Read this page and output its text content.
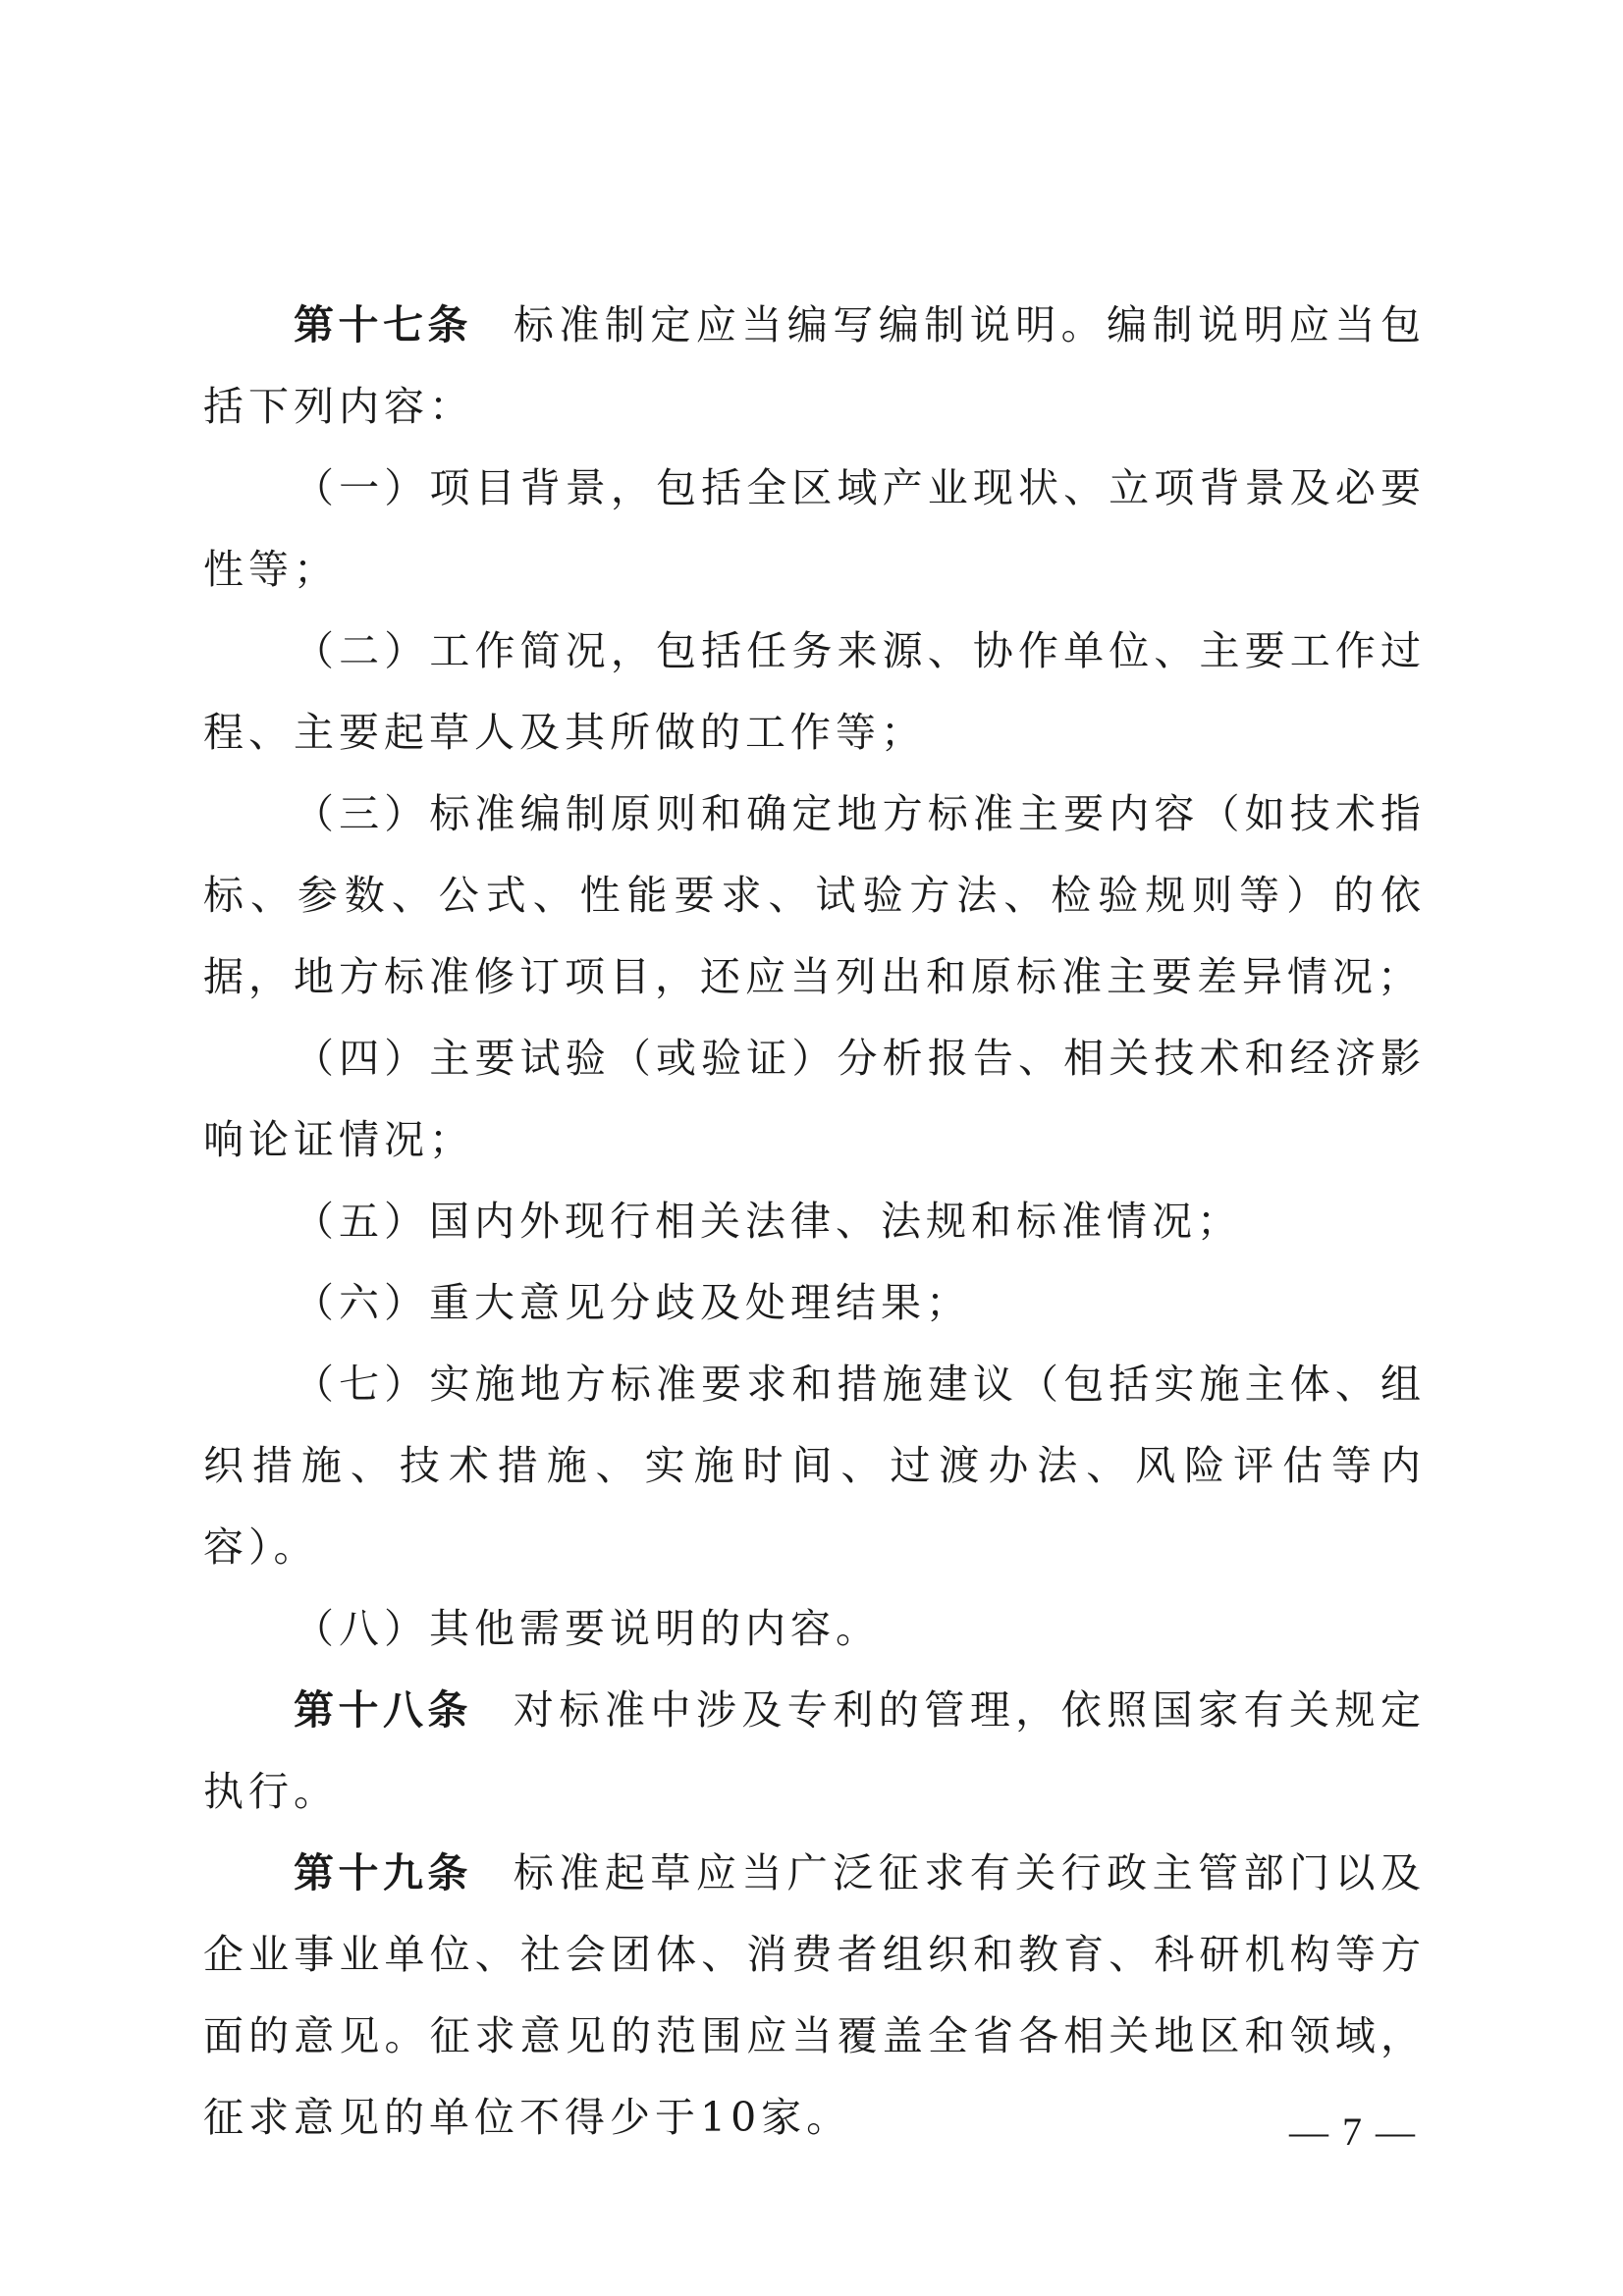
第十七条 标准制定应当编写编制说明。编制说明应当包括下列内容：

（一）项目背景，包括全区域产业现状、立项背景及必要性等；

（二）工作简况，包括任务来源、协作单位、主要工作过程、主要起草人及其所做的工作等；

（三）标准编制原则和确定地方标准主要内容（如技术指标、参数、公式、性能要求、试验方法、检验规则等）的依据，地方标准修订项目，还应当列出和原标准主要差异情况；

（四）主要试验（或验证）分析报告、相关技术和经济影响论证情况；

（五）国内外现行相关法律、法规和标准情况；

（六）重大意见分歧及处理结果；

（七）实施地方标准要求和措施建议（包括实施主体、组织措施、技术措施、实施时间、过渡办法、风险评估等内容）。

（八）其他需要说明的内容。

第十八条 对标准中涉及专利的管理，依照国家有关规定执行。

第十九条 标准起草应当广泛征求有关行政主管部门以及企业事业单位、社会团体、消费者组织和教育、科研机构等方面的意见。征求意见的范围应当覆盖全省各相关地区和领域，征求意见的单位不得少于10家。	— 7 —
